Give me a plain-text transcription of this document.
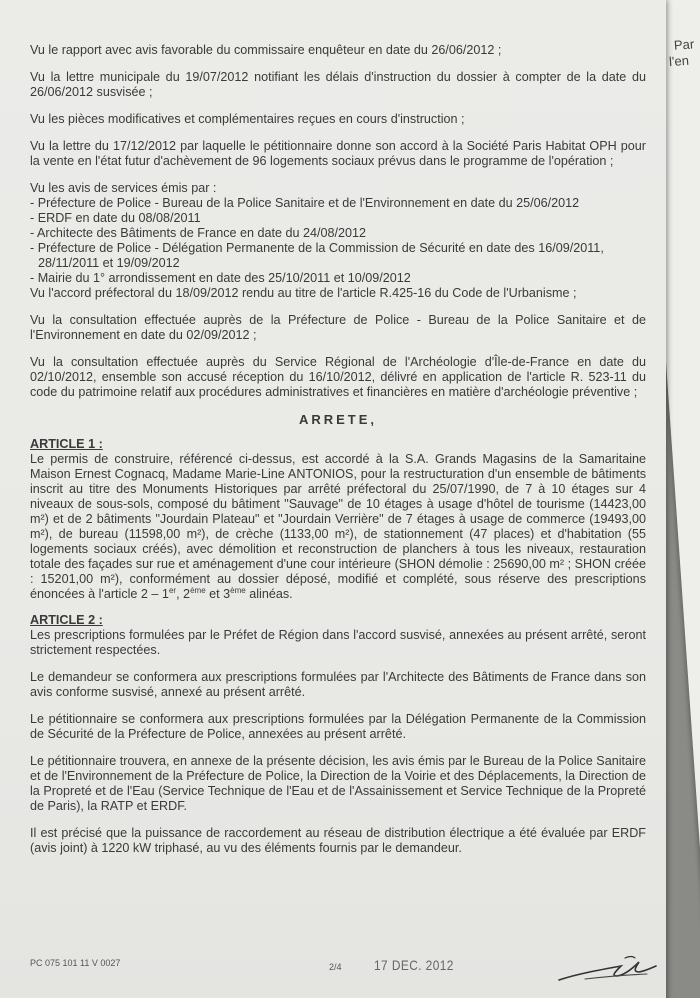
Par
l'en

Vu le rapport avec avis favorable du commissaire enquêteur en date du 26/06/2012 ;

Vu la lettre municipale du 19/07/2012 notifiant les délais d'instruction du dossier à compter de la date du 26/06/2012 susvisée ;

Vu les pièces modificatives et complémentaires reçues en cours d'instruction ;

Vu la lettre du 17/12/2012 par laquelle le pétitionnaire donne son accord à la Société Paris Habitat OPH pour la vente en l'état futur d'achèvement de 96 logements sociaux prévus dans le programme de l'opération ;

Vu les avis de services émis par :
- Préfecture de Police - Bureau de la Police Sanitaire et de l'Environnement en date du 25/06/2012
- ERDF en date du 08/08/2011
- Architecte des Bâtiments de France en date du 24/08/2012
- Préfecture de Police - Délégation Permanente de la Commission de Sécurité en date des 16/09/2011,
28/11/2011 et 19/09/2012
- Mairie du 1° arrondissement en date des 25/10/2011 et 10/09/2012
Vu l'accord préfectoral du 18/09/2012 rendu au titre de l'article R.425-16 du Code de l'Urbanisme ;

Vu la consultation effectuée auprès de la Préfecture de Police - Bureau de la Police Sanitaire et de l'Environnement en date du 02/09/2012 ;

Vu la consultation effectuée auprès du Service Régional de l'Archéologie d'Île-de-France en date du 02/10/2012, ensemble son accusé réception du 16/10/2012, délivré en application de l'article R. 523-11 du code du patrimoine relatif aux procédures administratives et financières en matière d'archéologie préventive ;

ARRETE,
ARTICLE 1 :
Le permis de construire, référencé ci-dessus, est accordé à la S.A. Grands Magasins de la Samaritaine Maison Ernest Cognacq, Madame Marie-Line ANTONIOS, pour la restructuration d'un ensemble de bâtiments inscrit au titre des Monuments Historiques par arrêté préfectoral du 25/07/1990, de 7 à 10 étages sur 4 niveaux de sous-sols, composé du bâtiment "Sauvage" de 10 étages à usage d'hôtel de tourisme (14423,00 m²) et de 2 bâtiments "Jourdain Plateau" et "Jourdain Verrière" de 7 étages à usage de commerce (19493,00 m²), de bureau (11598,00 m²), de crèche (1133,00 m²), de stationnement (47 places) et d'habitation (55 logements sociaux créés), avec démolition et reconstruction de planchers à tous les niveaux, restauration totale des façades sur rue et aménagement d'une cour intérieure (SHON démolie : 25690,00 m² ; SHON créée : 15201,00 m²), conformément au dossier déposé, modifié et complété, sous réserve des prescriptions énoncées à l'article 2 – 1er, 2ème et 3ème alinéas.
ARTICLE 2 :

Les prescriptions formulées par le Préfet de Région dans l'accord susvisé, annexées au présent arrêté, seront strictement respectées.

Le demandeur se conformera aux prescriptions formulées par l'Architecte des Bâtiments de France dans son avis conforme susvisé, annexé au présent arrêté.

Le pétitionnaire se conformera aux prescriptions formulées par la Délégation Permanente de la Commission de Sécurité de la Préfecture de Police, annexées au présent arrêté.

Le pétitionnaire trouvera, en annexe de la présente décision, les avis émis par le Bureau de la Police Sanitaire et de l'Environnement de la Préfecture de Police, la Direction de la Voirie et des Déplacements, la Direction de la Propreté et de l'Eau (Service Technique de l'Eau et de l'Assainissement et Service Technique de la Propreté de Paris), la RATP et ERDF.

Il est précisé que la puissance de raccordement au réseau de distribution électrique a été évaluée par ERDF (avis joint) à 1220 kW triphasé, au vu des éléments fournis par le demandeur.

PC 075 101 11 V 0027	2/4 17 DEC. 2012
